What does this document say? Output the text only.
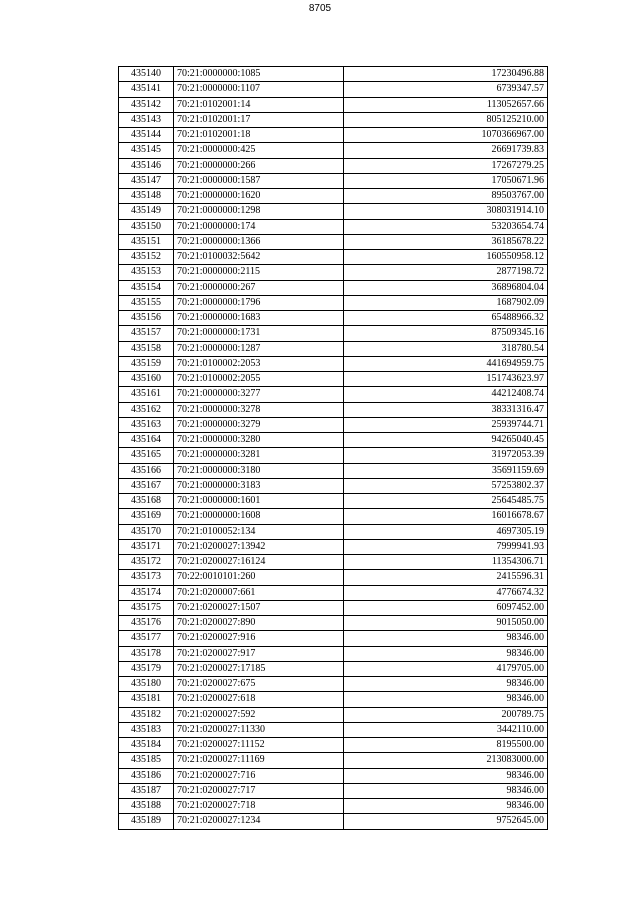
8705
435140	70:21:0000000:1085	17230496.88
435141	70:21:0000000:1107	6739347.57
435142	70:21:0102001:14	113052657.66
435143	70:21:0102001:17	805125210.00
435144	70:21:0102001:18	1070366967.00
435145	70:21:0000000:425	26691739.83
435146	70:21:0000000:266	17267279.25
435147	70:21:0000000:1587	17050671.96
435148	70:21:0000000:1620	89503767.00
435149	70:21:0000000:1298	308031914.10
435150	70:21:0000000:174	53203654.74
435151	70:21:0000000:1366	36185678.22
435152	70:21:0100032:5642	160550958.12
435153	70:21:0000000:2115	2877198.72
435154	70:21:0000000:267	36896804.04
435155	70:21:0000000:1796	1687902.09
435156	70:21:0000000:1683	65488966.32
435157	70:21:0000000:1731	87509345.16
435158	70:21:0000000:1287	318780.54
435159	70:21:0100002:2053	441694959.75
435160	70:21:0100002:2055	151743623.97
435161	70:21:0000000:3277	44212408.74
435162	70:21:0000000:3278	38331316.47
435163	70:21:0000000:3279	25939744.71
435164	70:21:0000000:3280	94265040.45
435165	70:21:0000000:3281	31972053.39
435166	70:21:0000000:3180	35691159.69
435167	70:21:0000000:3183	57253802.37
435168	70:21:0000000:1601	25645485.75
435169	70:21:0000000:1608	16016678.67
435170	70:21:0100052:134	4697305.19
435171	70:21:0200027:13942	7999941.93
435172	70:21:0200027:16124	11354306.71
435173	70:22:0010101:260	2415596.31
435174	70:21:0200007:661	4776674.32
435175	70:21:0200027:1507	6097452.00
435176	70:21:0200027:890	9015050.00
435177	70:21:0200027:916	98346.00
435178	70:21:0200027:917	98346.00
435179	70:21:0200027:17185	4179705.00
435180	70:21:0200027:675	98346.00
435181	70:21:0200027:618	98346.00
435182	70:21:0200027:592	200789.75
435183	70:21:0200027:11330	3442110.00
435184	70:21:0200027:11152	8195500.00
435185	70:21:0200027:11169	213083000.00
435186	70:21:0200027:716	98346.00
435187	70:21:0200027:717	98346.00
435188	70:21:0200027:718	98346.00
435189	70:21:0200027:1234	9752645.00
